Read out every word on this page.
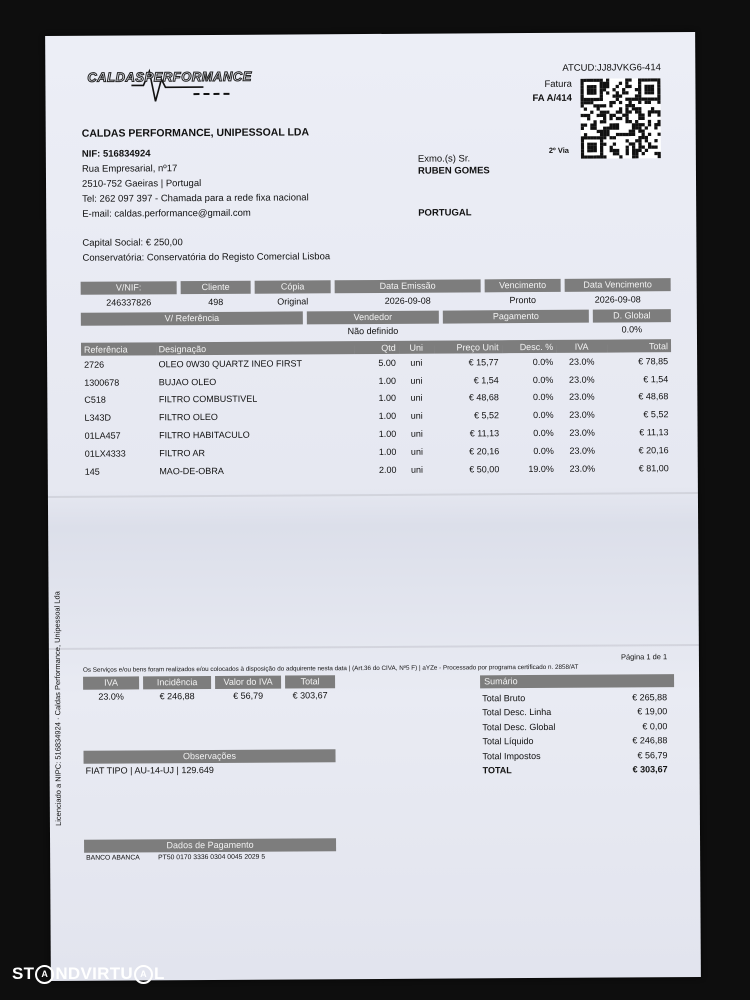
CALDASPERFORMANCE
ATCUD:JJ8JVKG6-414
Fatura
FA A/414
2º Via
CALDAS PERFORMANCE, UNIPESSOAL LDA
NIF: 516834924
Rua Empresarial, nº17
2510-752 Gaeiras | Portugal
Tel: 262 097 397 - Chamada para a rede fixa nacional
E-mail: caldas.performance@gmail.com
Capital Social: € 250,00
Conservatória: Conservatória do Registo Comercial Lisboa
Exmo.(s) Sr.
RUBEN GOMES
PORTUGAL
V/NIF:	Cliente	Cópia	Data Emissão	Vencimento	Data Vencimento
246337826	498	Original	2026-09-08	Pronto	2026-09-08
V/ Referência	Vendedor	Pagamento	D. Global
Não definido	0.0%
Referência	Designação	Qtd	Uni	Preço Unit	Desc. %	IVA	Total
2726	OLEO 0W30 QUARTZ INEO FIRST	5.00	uni	€ 15,77	0.0%	23.0%	€ 78,85
1300678	BUJAO OLEO	1.00	uni	€ 1,54	0.0%	23.0%	€ 1,54
C518	FILTRO COMBUSTIVEL	1.00	uni	€ 48,68	0.0%	23.0%	€ 48,68
L343D	FILTRO OLEO	1.00	uni	€ 5,52	0.0%	23.0%	€ 5,52
01LA457	FILTRO HABITACULO	1.00	uni	€ 11,13	0.0%	23.0%	€ 11,13
01LX4333	FILTRO AR	1.00	uni	€ 20,16	0.0%	23.0%	€ 20,16
145	MAO-DE-OBRA	2.00	uni	€ 50,00	19.0%	23.0%	€ 81,00
Página 1 de 1
Os Serviços e/ou bens foram realizados e/ou colocados à disposição do adquirente nesta data | (Art.36 do CIVA, Nº5 F) | aYZe - Processado por programa certificado n. 2858/AT
Licenciado a NIPC: 516834924 · Caldas Performance, Unipessoal Lda	IVA	Incidência	Valor do IVA	Total
23.0%	€ 246,88	€ 56,79	€ 303,67
Sumário
Total Bruto	€ 265,88
Total Desc. Linha	€ 19,00
Total Desc. Global	€ 0,00
Total Líquido	€ 246,88
Total Impostos	€ 56,79
TOTAL	€ 303,67
Observações
FIAT TIPO | AU-14-UJ | 129.649
Dados de Pagamento
BANCO ABANCA	PT50 0170 3336 0304 0045 2029 5
ST A NDVIRTU A L
